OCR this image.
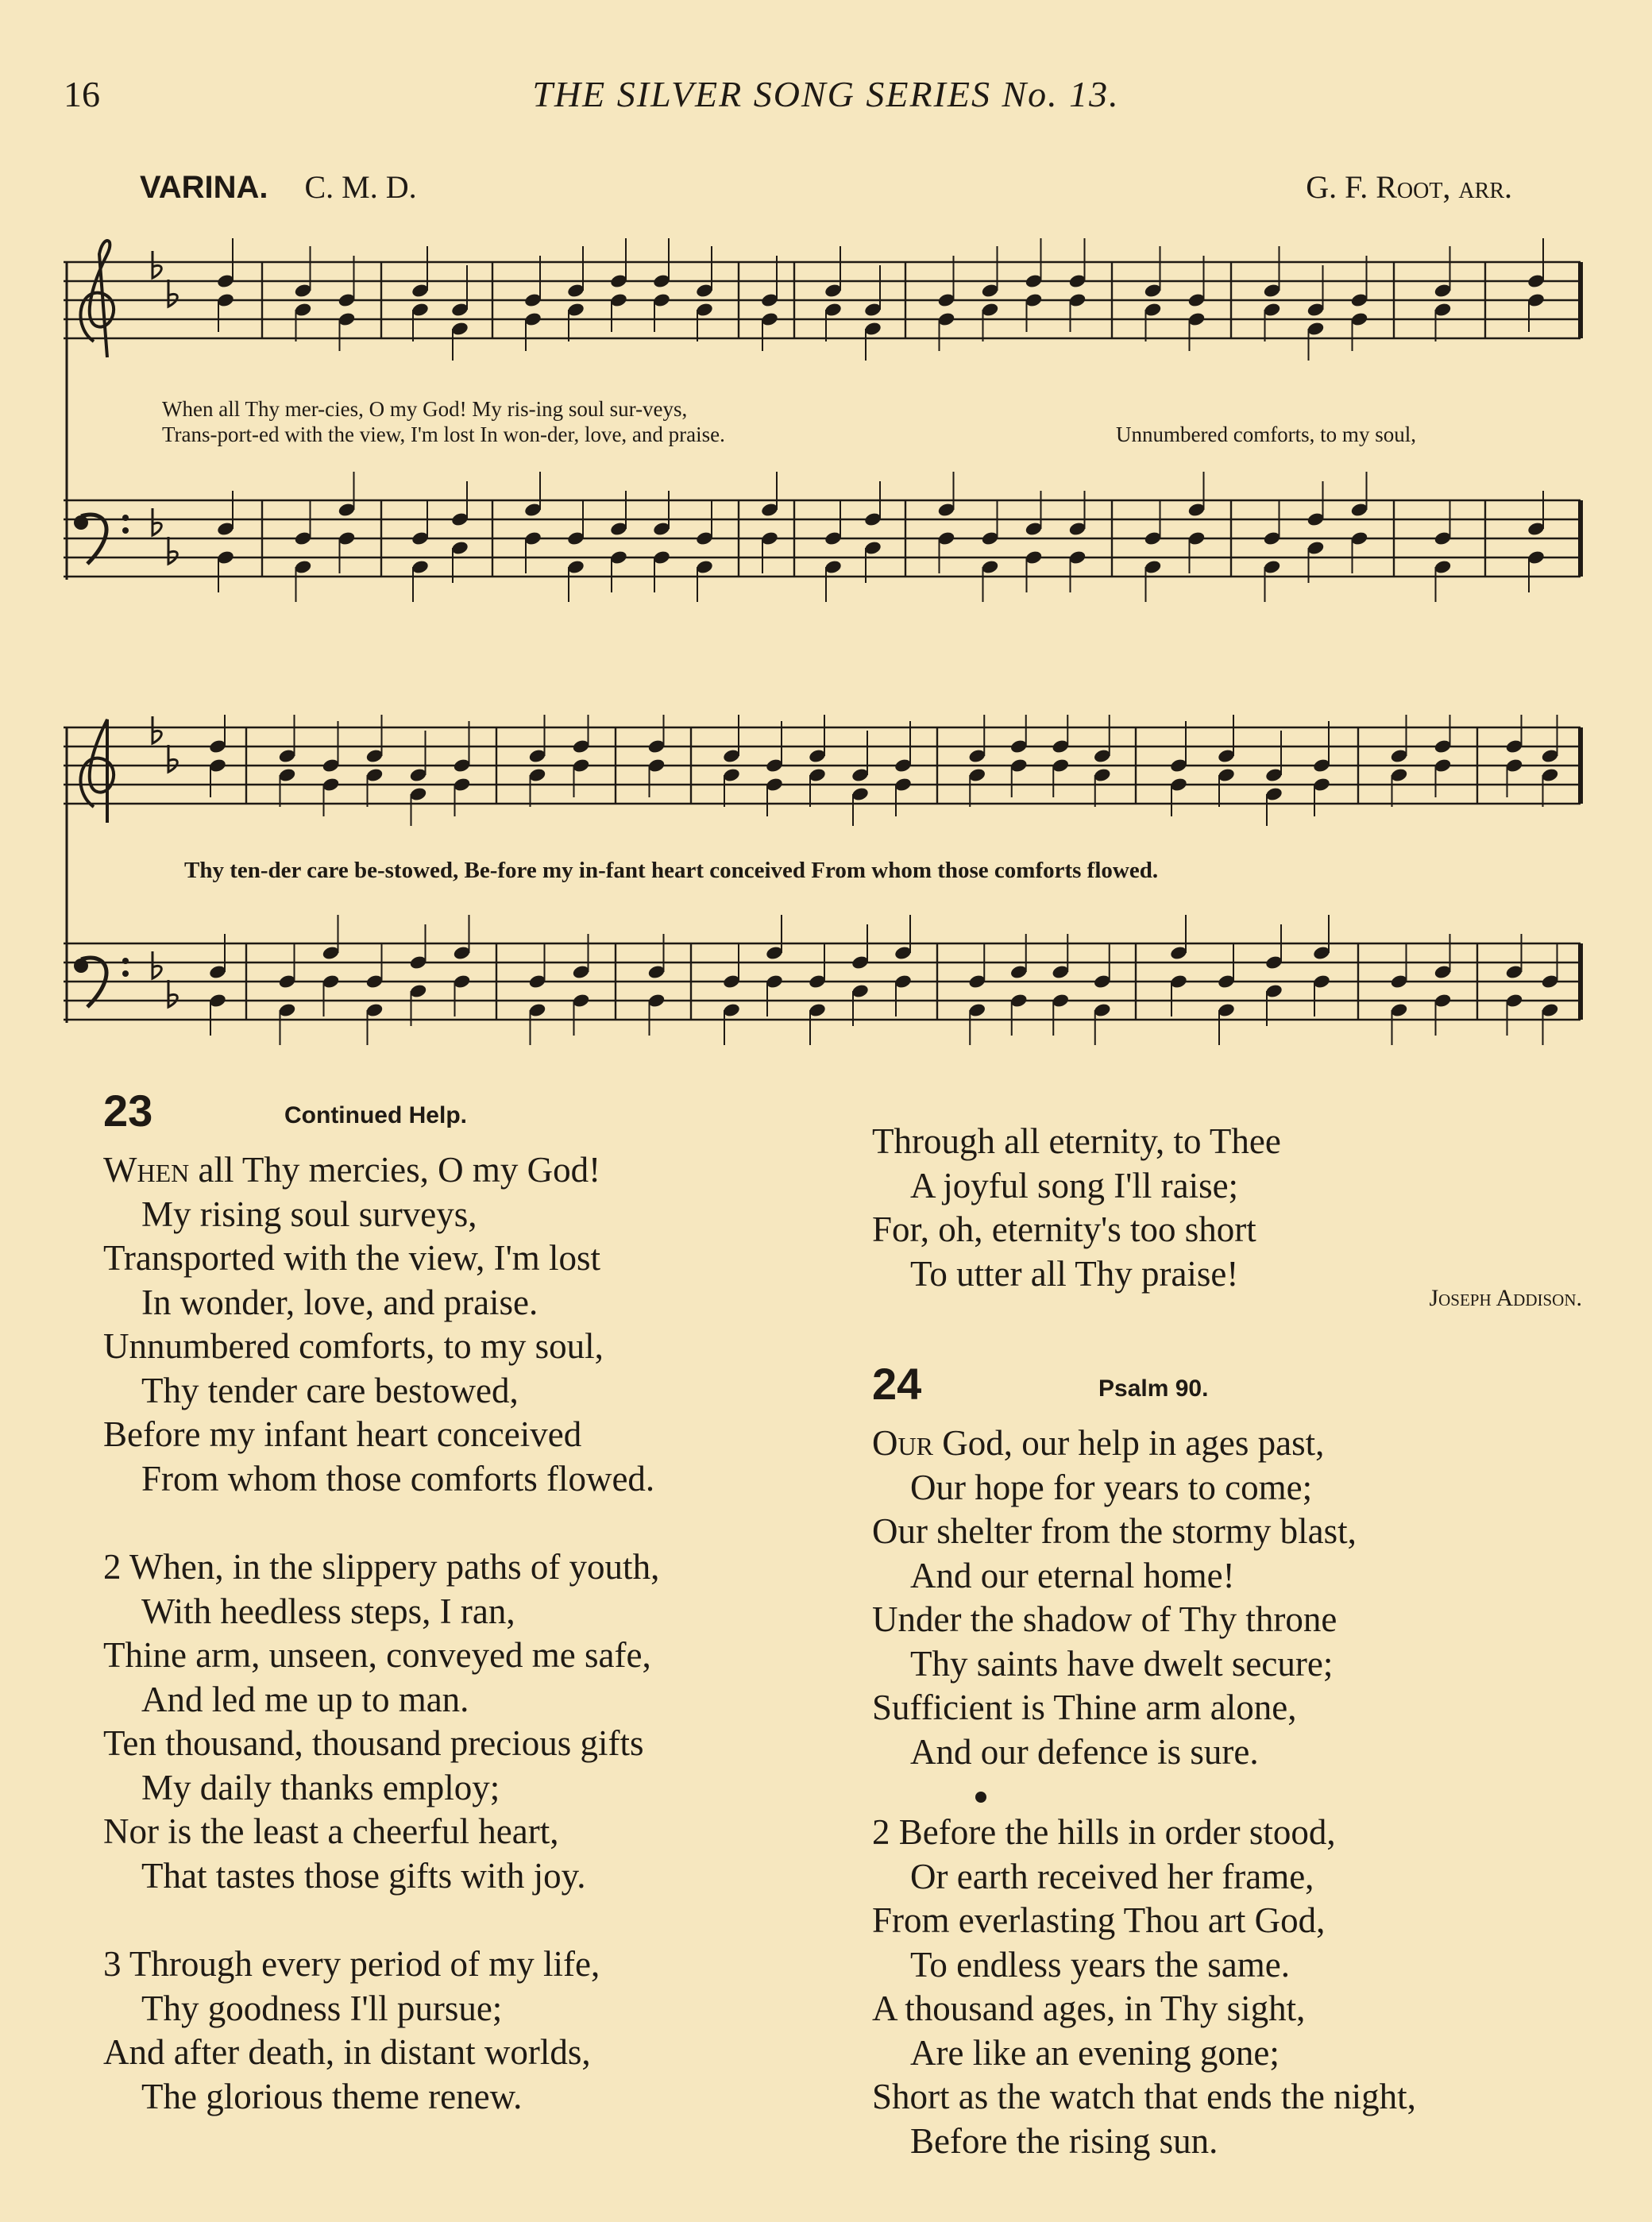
16	THE SILVER SONG SERIES No. 13.
VARINA. C. M. D.	G. F. Root, arr.
When all Thy mer-cies, O my God! My ris-ing soul sur-veys,
Trans-port-ed with the view, I'm lost In won-der, love, and praise.	Unnumbered comforts, to my soul,
Thy ten-der care be-stowed, Be-fore my in-fant heart conceived From whom those comforts flowed.
23	Continued Help.
When all Thy mercies, O my God!
My rising soul surveys,
Transported with the view, I'm lost
In wonder, love, and praise.
Unnumbered comforts, to my soul,
Thy tender care bestowed,
Before my infant heart conceived
From whom those comforts flowed.
2 When, in the slippery paths of youth,
With heedless steps, I ran,
Thine arm, unseen, conveyed me safe,
And led me up to man.
Ten thousand, thousand precious gifts
My daily thanks employ;
Nor is the least a cheerful heart,
That tastes those gifts with joy.
3 Through every period of my life,
Thy goodness I'll pursue;
And after death, in distant worlds,
The glorious theme renew.
Through all eternity, to Thee
A joyful song I'll raise;
For, oh, eternity's too short
To utter all Thy praise!
Joseph Addison.
24	Psalm 90.
Our God, our help in ages past,
Our hope for years to come;
Our shelter from the stormy blast,
And our eternal home!
Under the shadow of Thy throne
Thy saints have dwelt secure;
Sufficient is Thine arm alone,
And our defence is sure.
2 Before the hills in order stood,
Or earth received her frame,
From everlasting Thou art God,
To endless years the same.
A thousand ages, in Thy sight,
Are like an evening gone;
Short as the watch that ends the night,
Before the rising sun.
